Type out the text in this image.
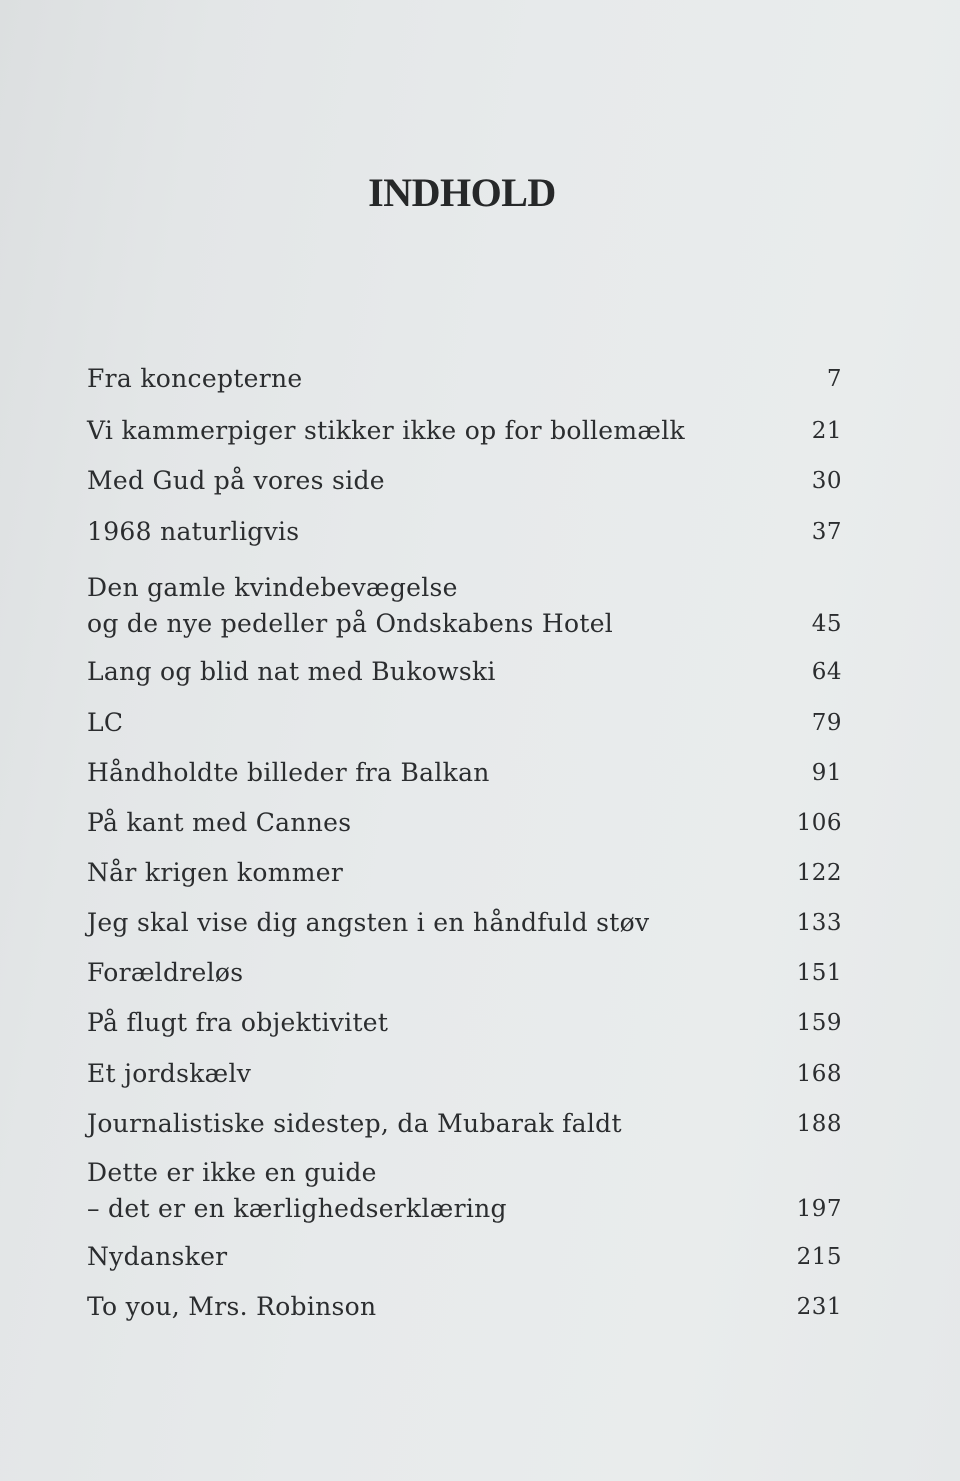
INDHOLD
Fra koncepterne	7
Vi kammerpiger stikker ikke op for bollemælk	21
Med Gud på vores side	30
1968 naturligvis	37
Den gamle kvindebevægelse
og de nye pedeller på Ondskabens Hotel	45
Lang og blid nat med Bukowski	64
LC	79
Håndholdte billeder fra Balkan	91
På kant med Cannes	106
Når krigen kommer	122
Jeg skal vise dig angsten i en håndfuld støv	133
Forældreløs	151
På flugt fra objektivitet	159
Et jordskælv	168
Journalistiske sidestep, da Mubarak faldt	188
Dette er ikke en guide
– det er en kærlighedserklæring	197
Nydansker	215
To you, Mrs. Robinson	231
